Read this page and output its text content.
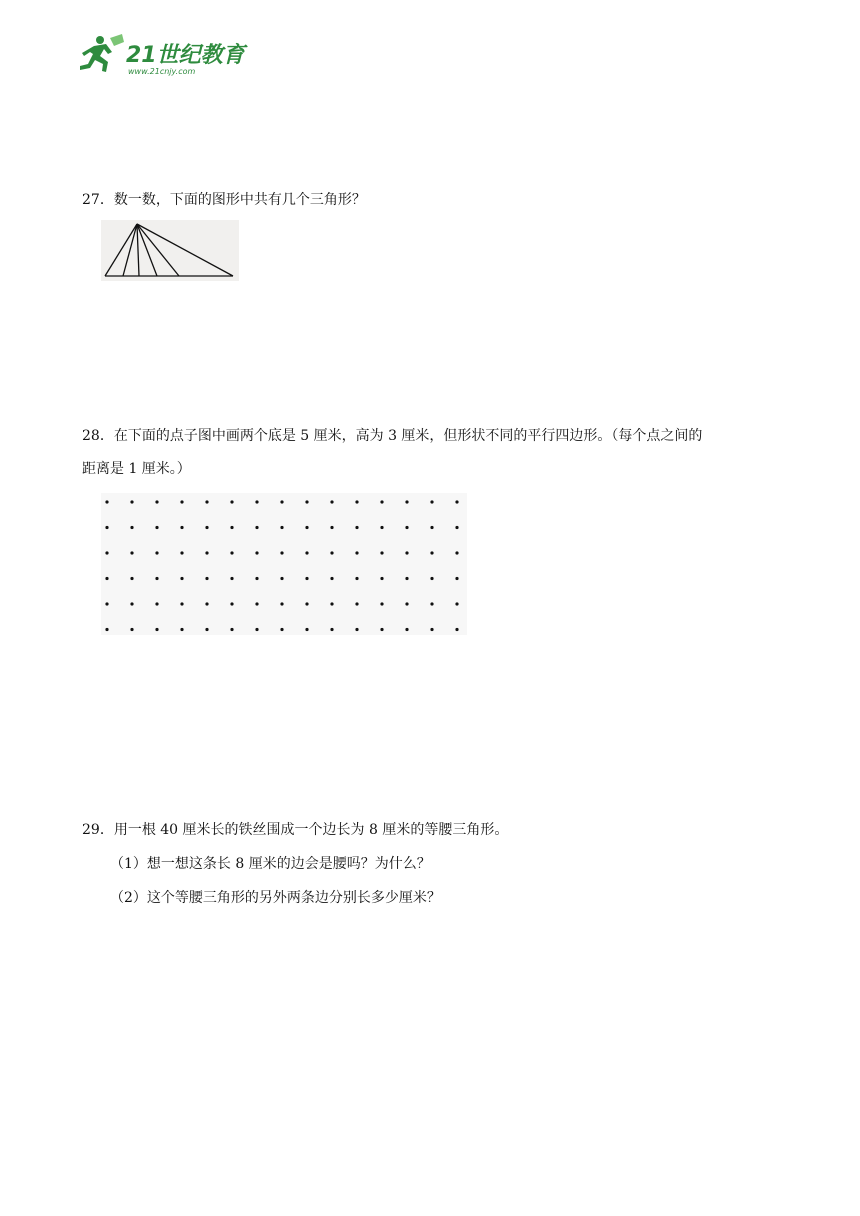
21世纪教育
www.21cnjy.com
27．数一数，下面的图形中共有几个三角形？
28．在下面的点子图中画两个底是 5 厘米，高为 3 厘米，但形状不同的平行四边形。（每个点之间的
距离是 1 厘米。）
29．用一根 40 厘米长的铁丝围成一个边长为 8 厘米的等腰三角形。
（1）想一想这条长 8 厘米的边会是腰吗？为什么？
（2）这个等腰三角形的另外两条边分别长多少厘米？
